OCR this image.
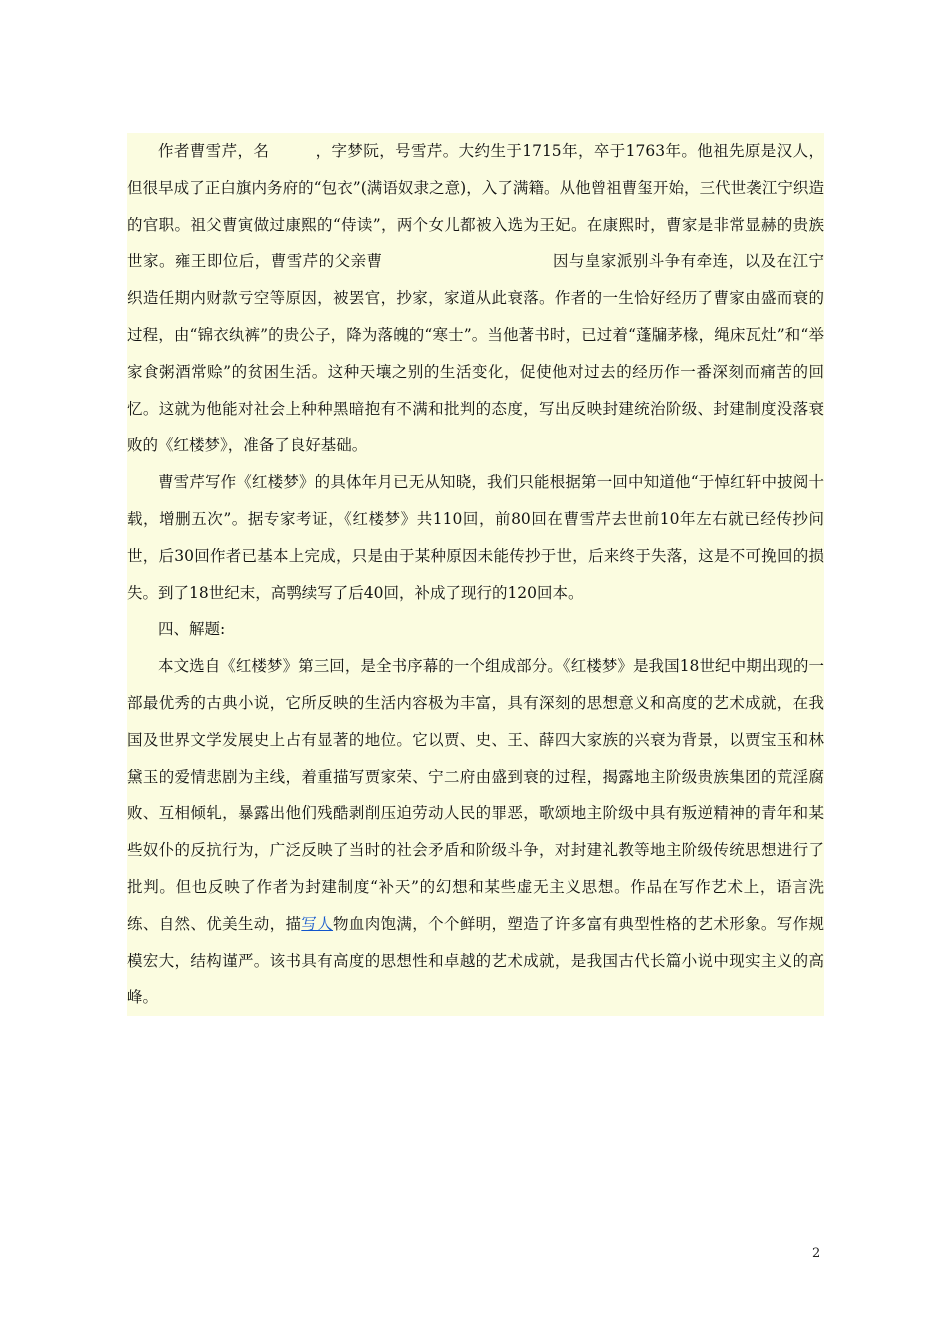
作者曹雪芹，名	，字梦阮，号雪芹。大约生于1715年，卒于1763年。他祖先原是汉人，但很早成了正白旗内务府的“包衣”(满语奴隶之意)，入了满籍。从他曾祖曹玺开始，三代世袭江宁织造的官职。祖父曹寅做过康熙的“侍读”，两个女儿都被入选为王妃。在康熙时，曹家是非常显赫的贵族世家。雍王即位后，曹雪芹的父亲曹	因与皇家派别斗争有牵连，以及在江宁织造任期内财款亏空等原因，被罢官，抄家，家道从此衰落。作者的一生恰好经历了曹家由盛而衰的过程，由“锦衣纨裤”的贵公子，降为落魄的“寒士”。当他著书时，已过着“蓬牖茅椽，绳床瓦灶”和“举家食粥酒常赊”的贫困生活。这种天壤之别的生活变化，促使他对过去的经历作一番深刻而痛苦的回忆。这就为他能对社会上种种黑暗抱有不满和批判的态度，写出反映封建统治阶级、封建制度没落衰败的《红楼梦》，准备了良好基础。

曹雪芹写作《红楼梦》的具体年月已无从知晓，我们只能根据第一回中知道他“于悼红轩中披阅十载，增删五次”。据专家考证，《红楼梦》共110回，前80回在曹雪芹去世前10年左右就已经传抄问世，后30回作者已基本上完成，只是由于某种原因未能传抄于世，后来终于失落，这是不可挽回的损失。到了18世纪末，高鹗续写了后40回，补成了现行的120回本。

四、解题:

本文选自《红楼梦》第三回，是全书序幕的一个组成部分。《红楼梦》是我国18世纪中期出现的一部最优秀的古典小说，它所反映的生活内容极为丰富，具有深刻的思想意义和高度的艺术成就，在我国及世界文学发展史上占有显著的地位。它以贾、史、王、薛四大家族的兴衰为背景，以贾宝玉和林黛玉的爱情悲剧为主线，着重描写贾家荣、宁二府由盛到衰的过程，揭露地主阶级贵族集团的荒淫腐败、互相倾轧，暴露出他们残酷剥削压迫劳动人民的罪恶，歌颂地主阶级中具有叛逆精神的青年和某些奴仆的反抗行为，广泛反映了当时的社会矛盾和阶级斗争，对封建礼教等地主阶级传统思想进行了批判。但也反映了作者为封建制度“补天”的幻想和某些虚无主义思想。作品在写作艺术上，语言洗练、自然、优美生动，描写人物血肉饱满，个个鲜明，塑造了许多富有典型性格的艺术形象。写作规模宏大，结构谨严。该书具有高度的思想性和卓越的艺术成就，是我国古代长篇小说中现实主义的高峰。

2
